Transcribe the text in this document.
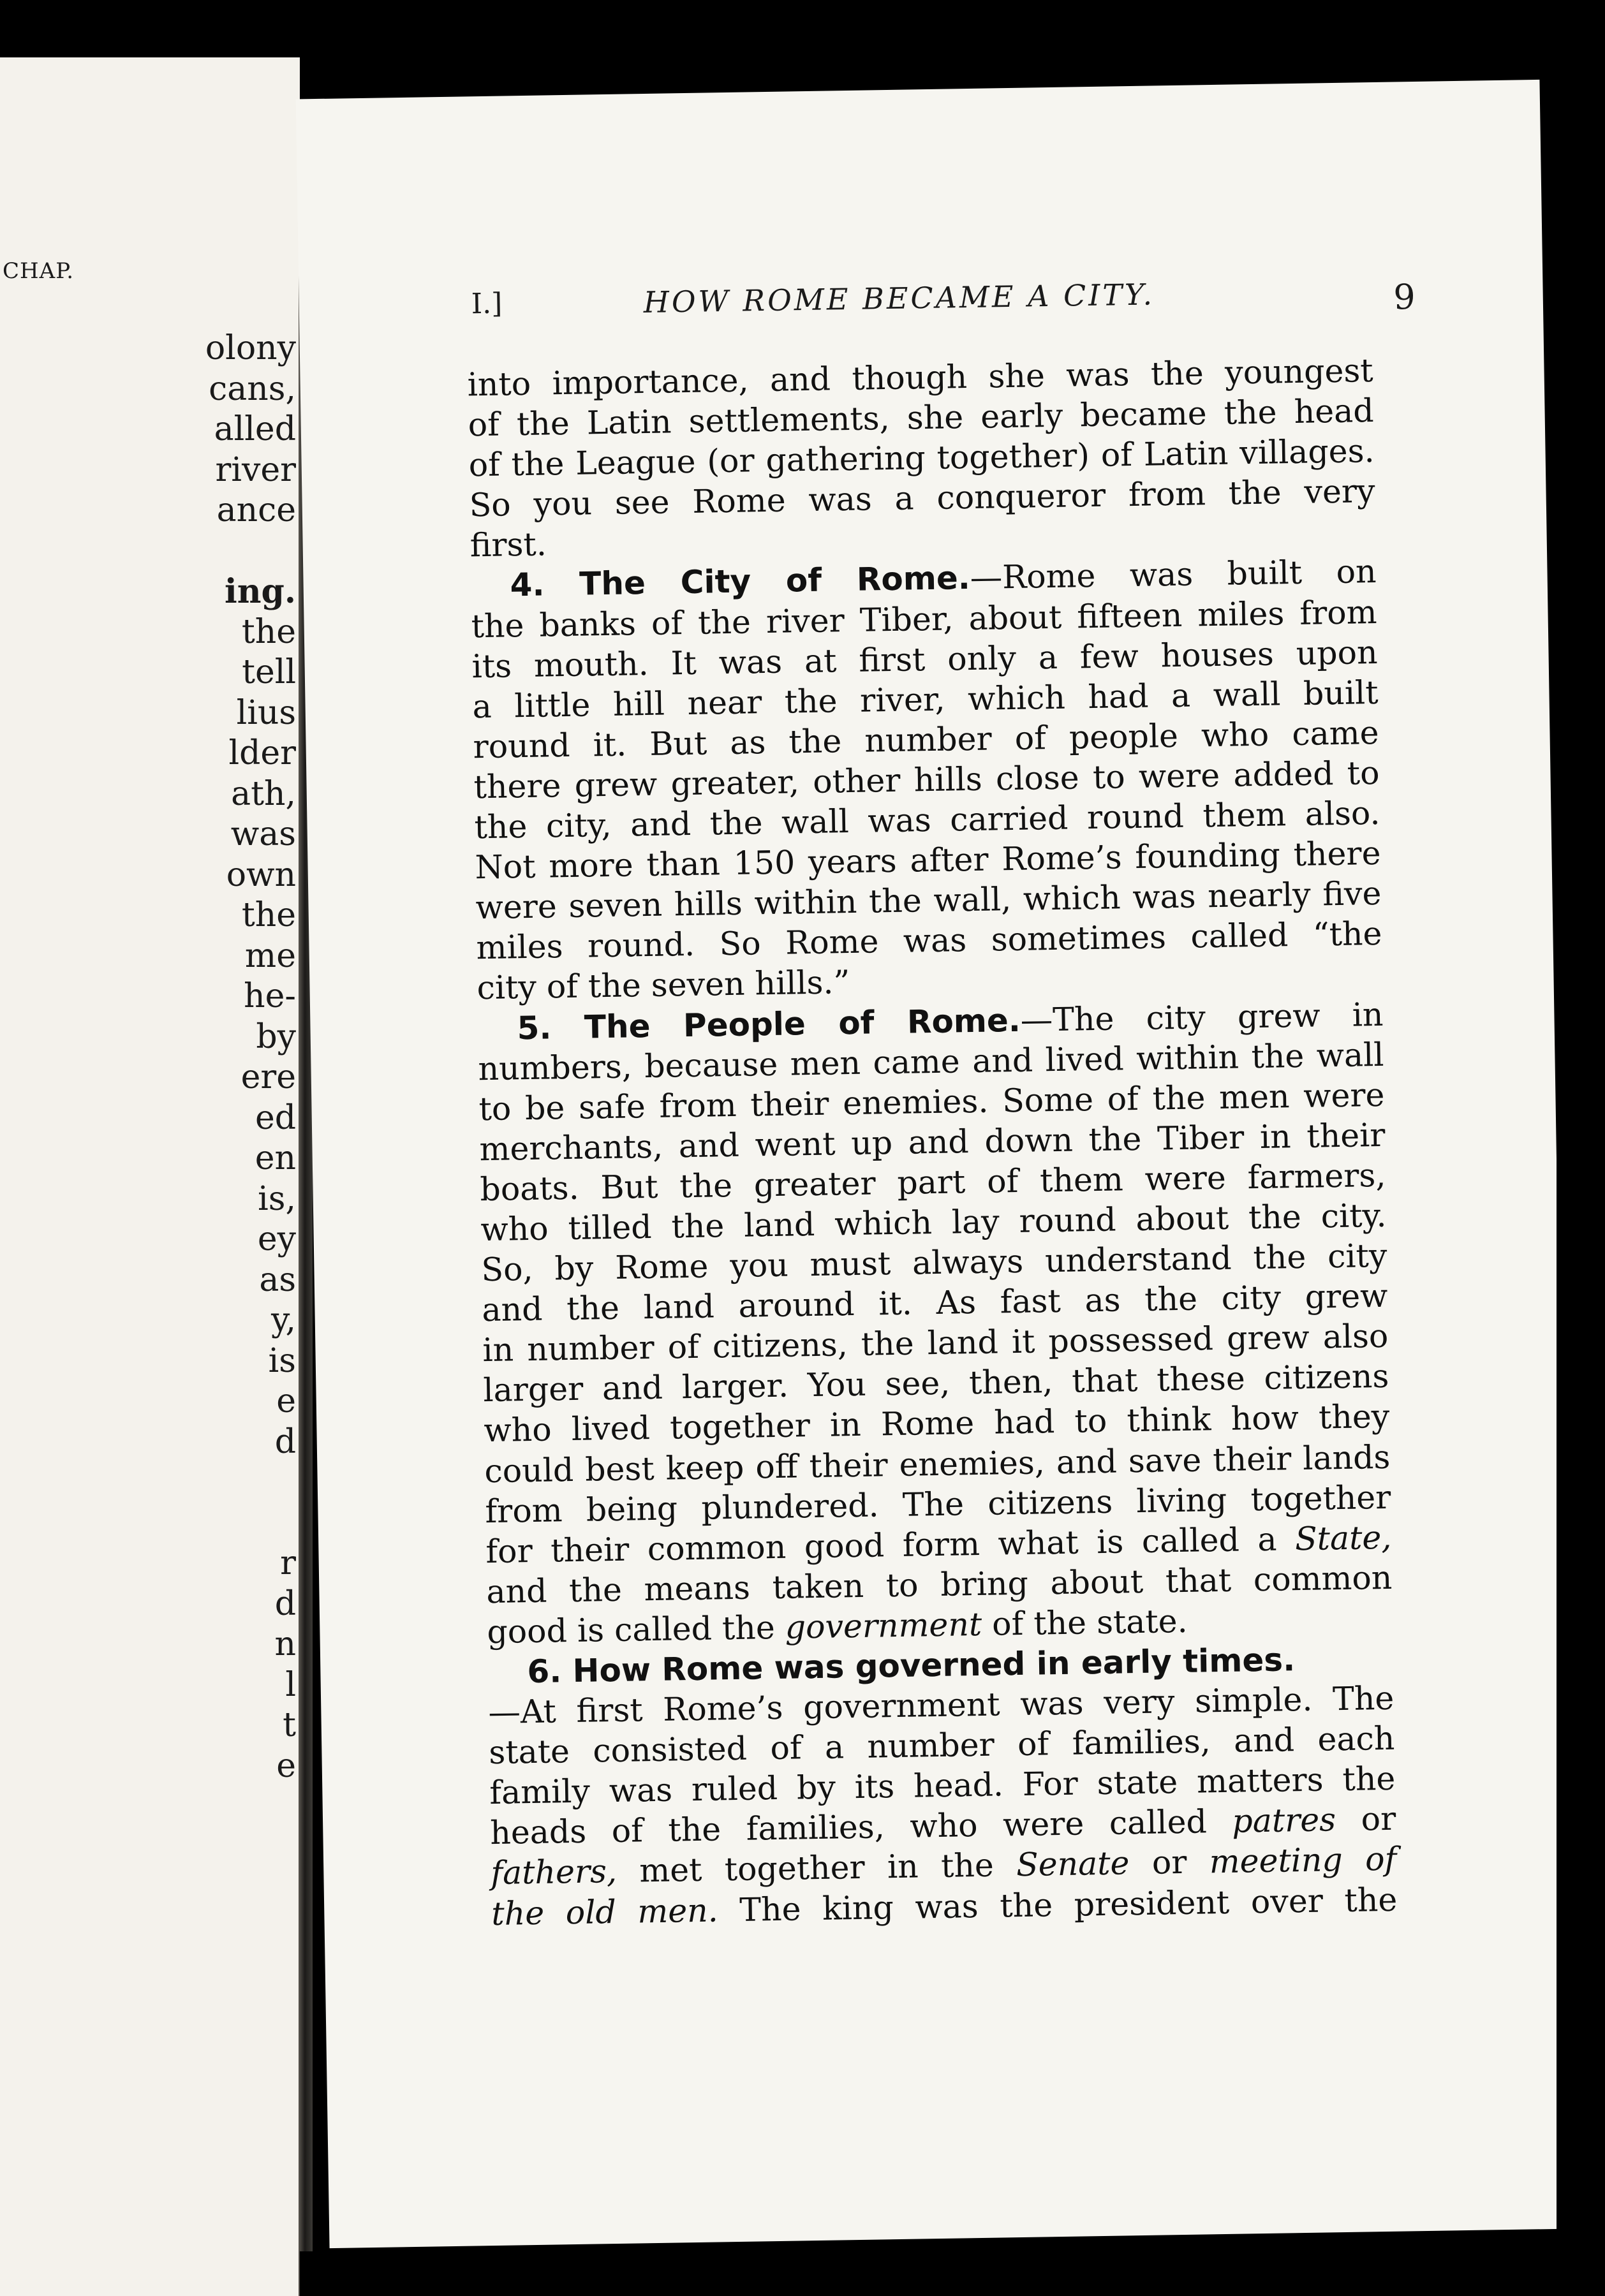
CHAP.
olony
cans,
alled
river
ance
ing.
the
tell
lius
lder
ath,
was
own
the
me
he-
by
ere
ed
en
is,
ey
as
y,
is
e
d
r
d
n
l
t
e
I.]	HOW ROME BECAME A CITY.	9
into importance, and though she was the youngest
of the Latin settlements, she early became the head
of the League (or gathering together) of Latin villages.
So you see Rome was a conqueror from the very
first.
4. The City of Rome.—Rome was built on
the banks of the river Tiber, about fifteen miles from
its mouth. It was at first only a few houses upon
a little hill near the river, which had a wall built
round it. But as the number of people who came
there grew greater, other hills close to were added to
the city, and the wall was carried round them also.
Not more than 150 years after Rome’s founding there
were seven hills within the wall, which was nearly five
miles round. So Rome was sometimes called “the
city of the seven hills.”
5. The People of Rome.—The city grew in
numbers, because men came and lived within the wall
to be safe from their enemies. Some of the men were
merchants, and went up and down the Tiber in their
boats. But the greater part of them were farmers,
who tilled the land which lay round about the city.
So, by Rome you must always understand the city
and the land around it. As fast as the city grew
in number of citizens, the land it possessed grew also
larger and larger. You see, then, that these citizens
who lived together in Rome had to think how they
could best keep off their enemies, and save their lands
from being plundered. The citizens living together
for their common good form what is called a State,
and the means taken to bring about that common
good is called the government of the state.
6. How Rome was governed in early times.
—At first Rome’s government was very simple. The
state consisted of a number of families, and each
family was ruled by its head. For state matters the
heads of the families, who were called patres or
fathers, met together in the Senate or meeting of
the old men. The king was the president over the
